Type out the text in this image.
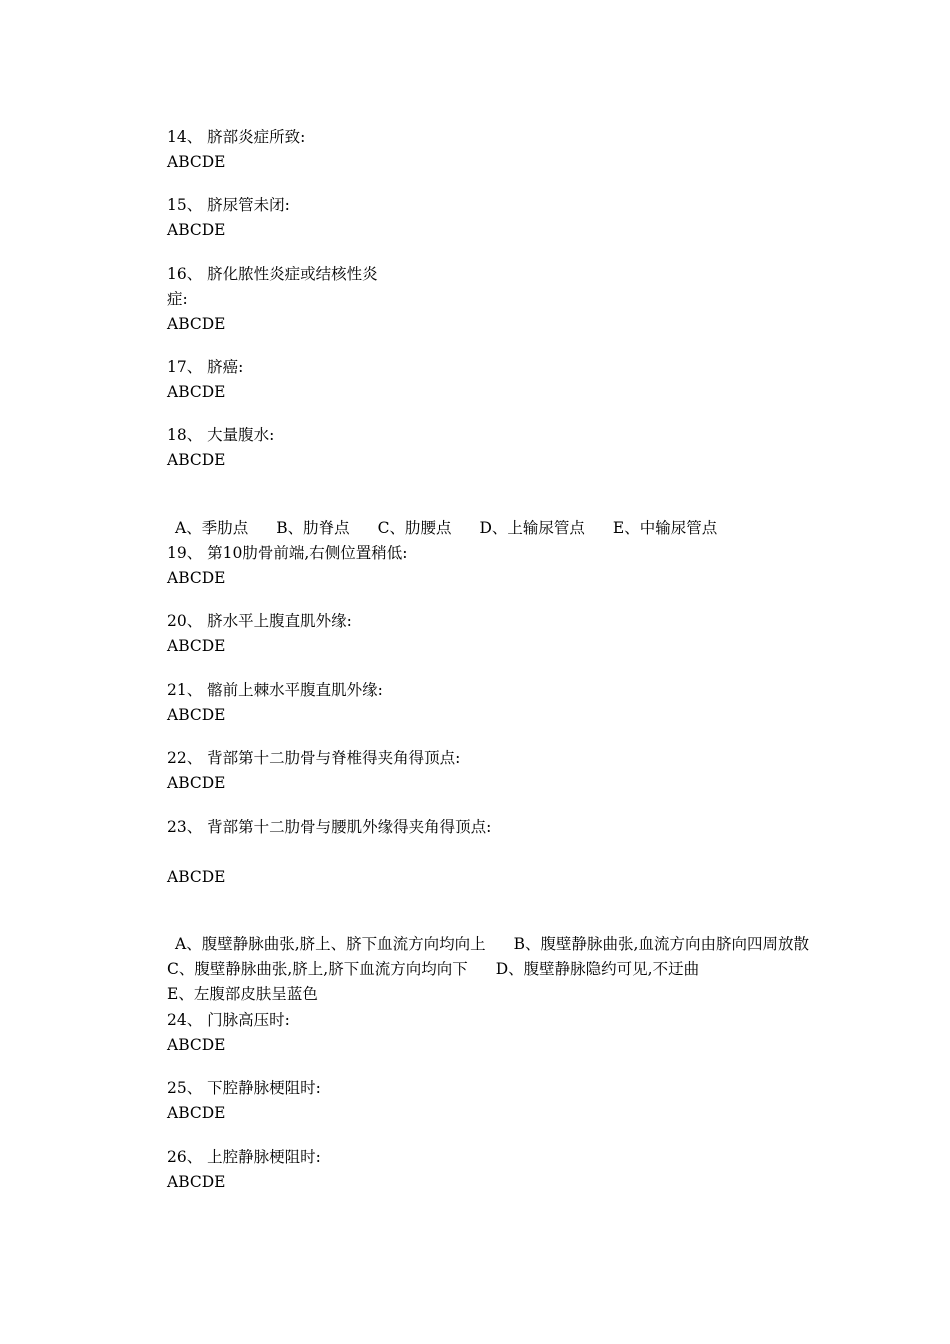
14、 脐部炎症所致:
ABCDE
15、 脐尿管未闭:
ABCDE
16、 脐化脓性炎症或结核性炎
症:
ABCDE
17、 脐癌:
ABCDE
18、 大量腹水:
ABCDE
A、季肋点 B、肋脊点 C、肋腰点 D、上输尿管点 E、中输尿管点
19、 第10肋骨前端,右侧位置稍低:
ABCDE
20、 脐水平上腹直肌外缘:
ABCDE
21、 髂前上棘水平腹直肌外缘:
ABCDE
22、 背部第十二肋骨与脊椎得夹角得顶点:
ABCDE
23、 背部第十二肋骨与腰肌外缘得夹角得顶点:
ABCDE
A、腹壁静脉曲张,脐上、脐下血流方向均向上 B、腹壁静脉曲张,血流方向由脐向四周放散C、腹壁静脉曲张,脐上,脐下血流方向均向下 D、腹壁静脉隐约可见,不迂曲
E、左腹部皮肤呈蓝色
24、 门脉高压时:
ABCDE
25、 下腔静脉梗阻时:
ABCDE
26、 上腔静脉梗阻时:
ABCDE
